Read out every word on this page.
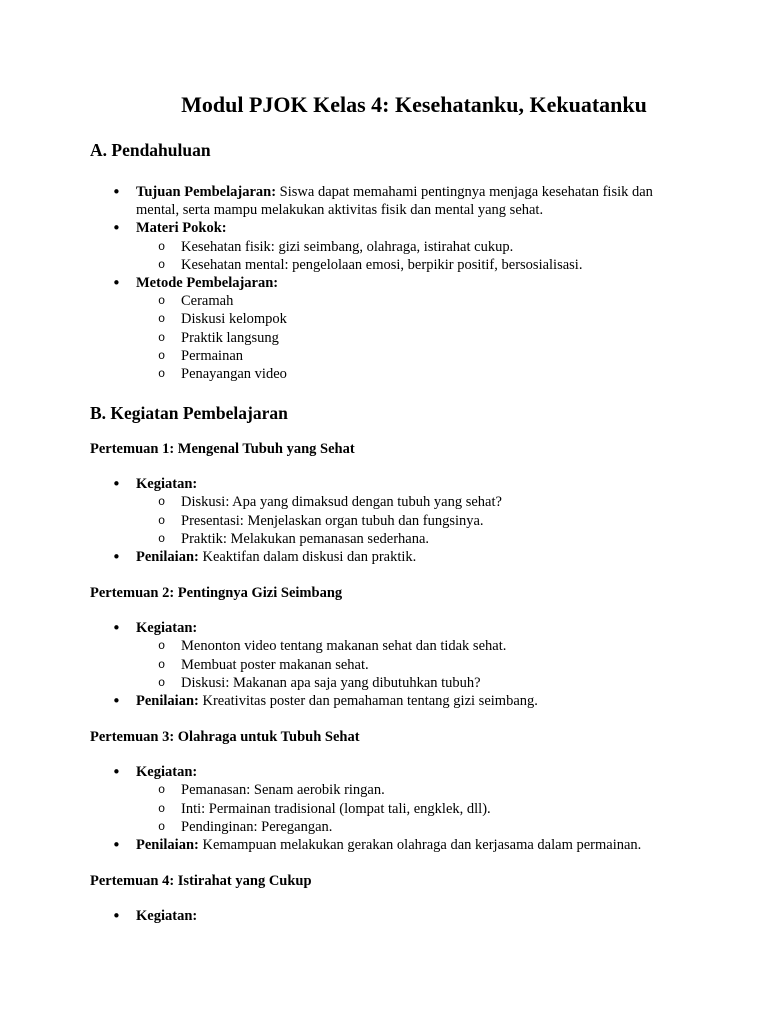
Modul PJOK Kelas 4: Kesehatanku, Kekuatanku
A. Pendahuluan
• Tujuan Pembelajaran: Siswa dapat memahami pentingnya menjaga kesehatan fisik dan mental, serta mampu melakukan aktivitas fisik dan mental yang sehat.
• Materi Pokok:
o Kesehatan fisik: gizi seimbang, olahraga, istirahat cukup.
o Kesehatan mental: pengelolaan emosi, berpikir positif, bersosialisasi.
• Metode Pembelajaran:
o Ceramah
o Diskusi kelompok
o Praktik langsung
o Permainan
o Penayangan video
B. Kegiatan Pembelajaran
Pertemuan 1: Mengenal Tubuh yang Sehat
• Kegiatan:
o Diskusi: Apa yang dimaksud dengan tubuh yang sehat?
o Presentasi: Menjelaskan organ tubuh dan fungsinya.
o Praktik: Melakukan pemanasan sederhana.
• Penilaian: Keaktifan dalam diskusi dan praktik.
Pertemuan 2: Pentingnya Gizi Seimbang
• Kegiatan:
o Menonton video tentang makanan sehat dan tidak sehat.
o Membuat poster makanan sehat.
o Diskusi: Makanan apa saja yang dibutuhkan tubuh?
• Penilaian: Kreativitas poster dan pemahaman tentang gizi seimbang.
Pertemuan 3: Olahraga untuk Tubuh Sehat
• Kegiatan:
o Pemanasan: Senam aerobik ringan.
o Inti: Permainan tradisional (lompat tali, engklek, dll).
o Pendinginan: Peregangan.
• Penilaian: Kemampuan melakukan gerakan olahraga dan kerjasama dalam permainan.
Pertemuan 4: Istirahat yang Cukup
• Kegiatan:
